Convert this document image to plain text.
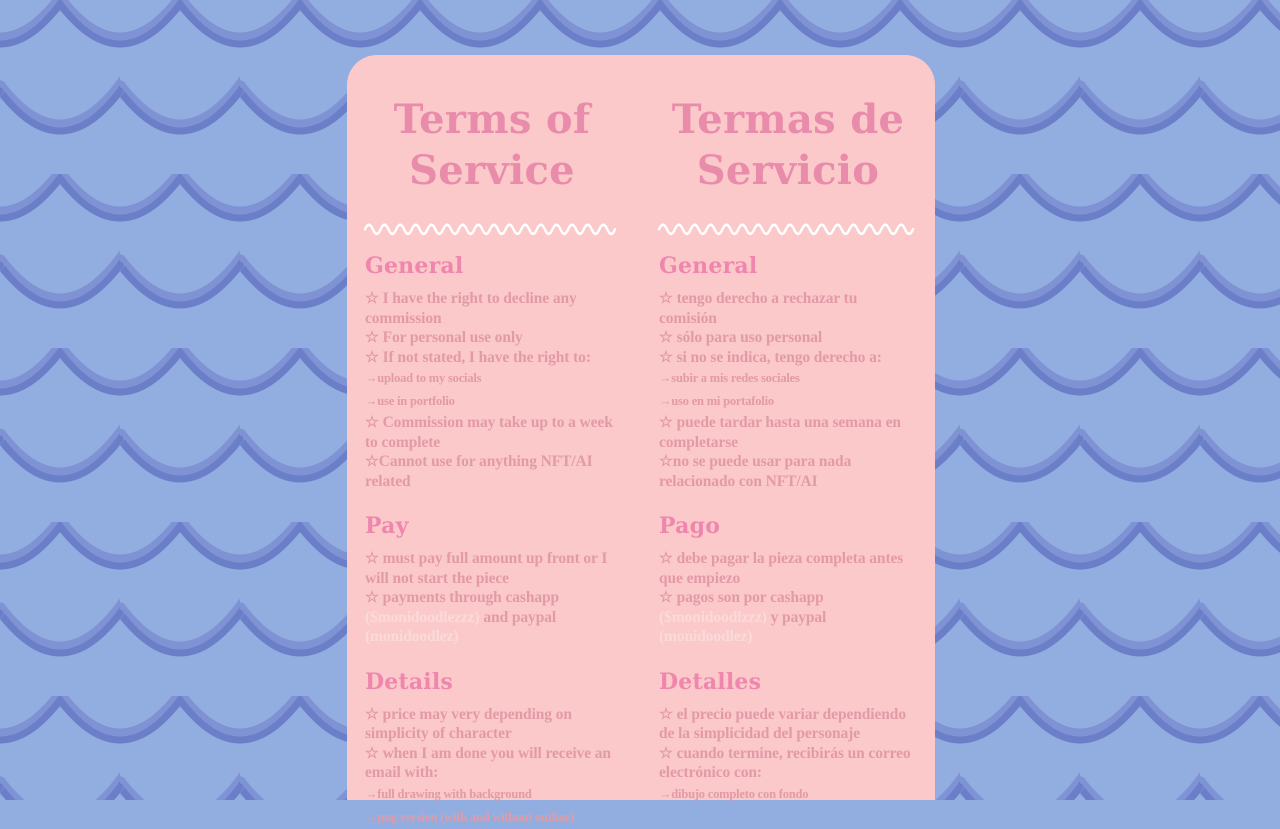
Terms of Service
General

☆ I have the right to decline any commission

☆ For personal use only

☆ If not stated, I have the right to:

→upload to my socials

→use in portfolio

☆ Commission may take up to a week to complete

☆Cannot use for anything NFT/AI related

Pay

☆ must pay full amount up front or I will not start the piece

☆ payments through cashapp ($monidoodlezzz) and paypal (monidoodlez)

Details

☆ price may very depending on simplicity of character

☆ when I am done you will receive an email with:

→full drawing with background

→png version (with and without outline)

Termas de Servicio
General

☆ tengo derecho a rechazar tu comisión

☆ sólo para uso personal

☆ si no se indica, tengo derecho a:

→subir a mis redes sociales

→uso en mi portafolio

☆ puede tardar hasta una semana en completarse

☆no se puede usar para nada relacionado con NFT/AI

Pago

☆ debe pagar la pieza completa antes que empiezo

☆ pagos son por cashapp ($monidoodlzzz) y paypal (monidoodlez)

Detalles

☆ el precio puede variar dependiendo de la simplicidad del personaje

☆ cuando termine, recibirás un correo electrónico con:

→dibujo completo con fondo
